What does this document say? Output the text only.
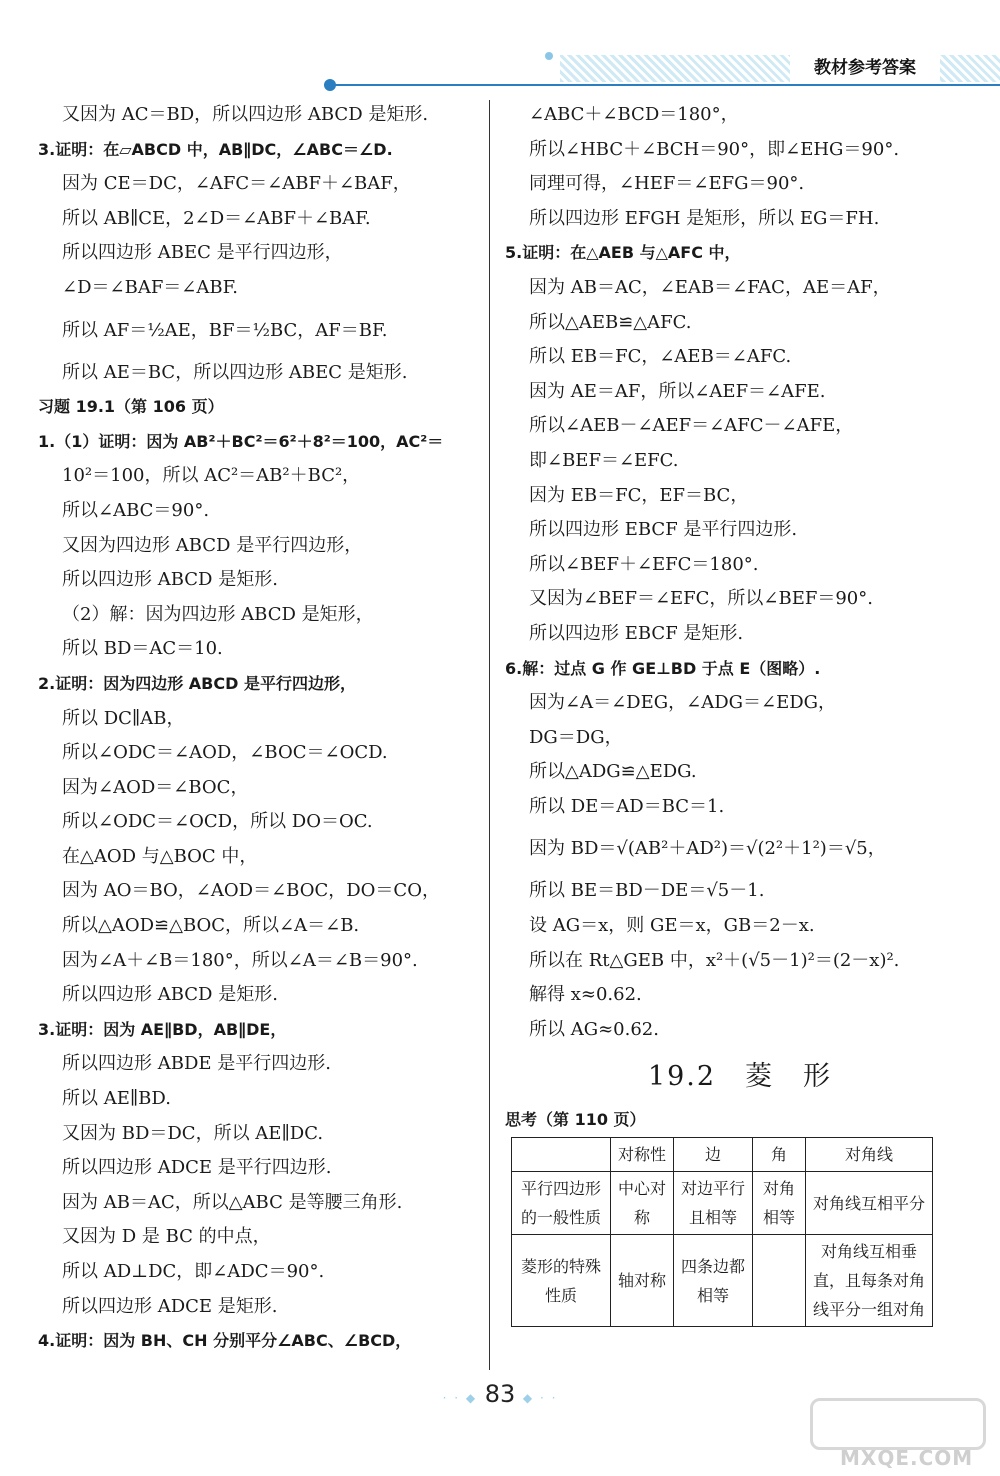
教材参考答案
又因为 AC＝BD，所以四边形 ABCD 是矩形.
3.证明：在▱ABCD 中，AB∥DC，∠ABC＝∠D.
因为 CE＝DC，∠AFC＝∠ABF＋∠BAF，
所以 AB∥CE，2∠D＝∠ABF＋∠BAF.
所以四边形 ABEC 是平行四边形，
∠D＝∠BAF＝∠ABF.
所以 AF＝½AE，BF＝½BC，AF＝BF.
所以 AE＝BC，所以四边形 ABEC 是矩形.
习题 19.1（第 106 页）
1.（1）证明：因为 AB²＋BC²＝6²＋8²＝100，AC²＝
10²＝100，所以 AC²＝AB²＋BC²，
所以∠ABC＝90°.
又因为四边形 ABCD 是平行四边形，
所以四边形 ABCD 是矩形.
（2）解：因为四边形 ABCD 是矩形，
所以 BD＝AC＝10.
2.证明：因为四边形 ABCD 是平行四边形，
所以 DC∥AB，
所以∠ODC＝∠AOD，∠BOC＝∠OCD.
因为∠AOD＝∠BOC，
所以∠ODC＝∠OCD，所以 DO＝OC.
在△AOD 与△BOC 中，
因为 AO＝BO，∠AOD＝∠BOC，DO＝CO，
所以△AOD≌△BOC，所以∠A＝∠B.
因为∠A＋∠B＝180°，所以∠A＝∠B＝90°.
所以四边形 ABCD 是矩形.
3.证明：因为 AE∥BD，AB∥DE，
所以四边形 ABDE 是平行四边形.
所以 AE∥BD.
又因为 BD＝DC，所以 AE∥DC.
所以四边形 ADCE 是平行四边形.
因为 AB＝AC，所以△ABC 是等腰三角形.
又因为 D 是 BC 的中点，
所以 AD⊥DC，即∠ADC＝90°.
所以四边形 ADCE 是矩形.
4.证明：因为 BH、CH 分别平分∠ABC、∠BCD，
∠ABC＋∠BCD＝180°，
所以∠HBC＋∠BCH＝90°，即∠EHG＝90°.
同理可得，∠HEF＝∠EFG＝90°.
所以四边形 EFGH 是矩形，所以 EG＝FH.
5.证明：在△AEB 与△AFC 中，
因为 AB＝AC，∠EAB＝∠FAC，AE＝AF，
所以△AEB≌△AFC.
所以 EB＝FC，∠AEB＝∠AFC.
因为 AE＝AF，所以∠AEF＝∠AFE.
所以∠AEB－∠AEF＝∠AFC－∠AFE，
即∠BEF＝∠EFC.
因为 EB＝FC，EF＝BC，
所以四边形 EBCF 是平行四边形.
所以∠BEF＋∠EFC＝180°.
又因为∠BEF＝∠EFC，所以∠BEF＝90°.
所以四边形 EBCF 是矩形.
6.解：过点 G 作 GE⊥BD 于点 E（图略）.
因为∠A＝∠DEG，∠ADG＝∠EDG，
DG＝DG，
所以△ADG≌△EDG.
所以 DE＝AD＝BC＝1.
因为 BD＝√(AB²＋AD²)＝√(2²＋1²)＝√5，
所以 BE＝BD－DE＝√5－1.
设 AG＝x，则 GE＝x，GB＝2－x.
所以在 Rt△GEB 中，x²＋(√5－1)²＝(2－x)².
解得 x≈0.62.
所以 AG≈0.62.
19.2　菱　形
思考（第 110 页）
	对称性	边	角	对角线
平行四边形的一般性质	中心对称	对边平行且相等	对角相等	对角线互相平分
菱形的特殊性质	轴对称	四条边都相等		对角线互相垂直，且每条对角线平分一组对角
· · ◆ 83 ◆ · ·
MXQE.COM
